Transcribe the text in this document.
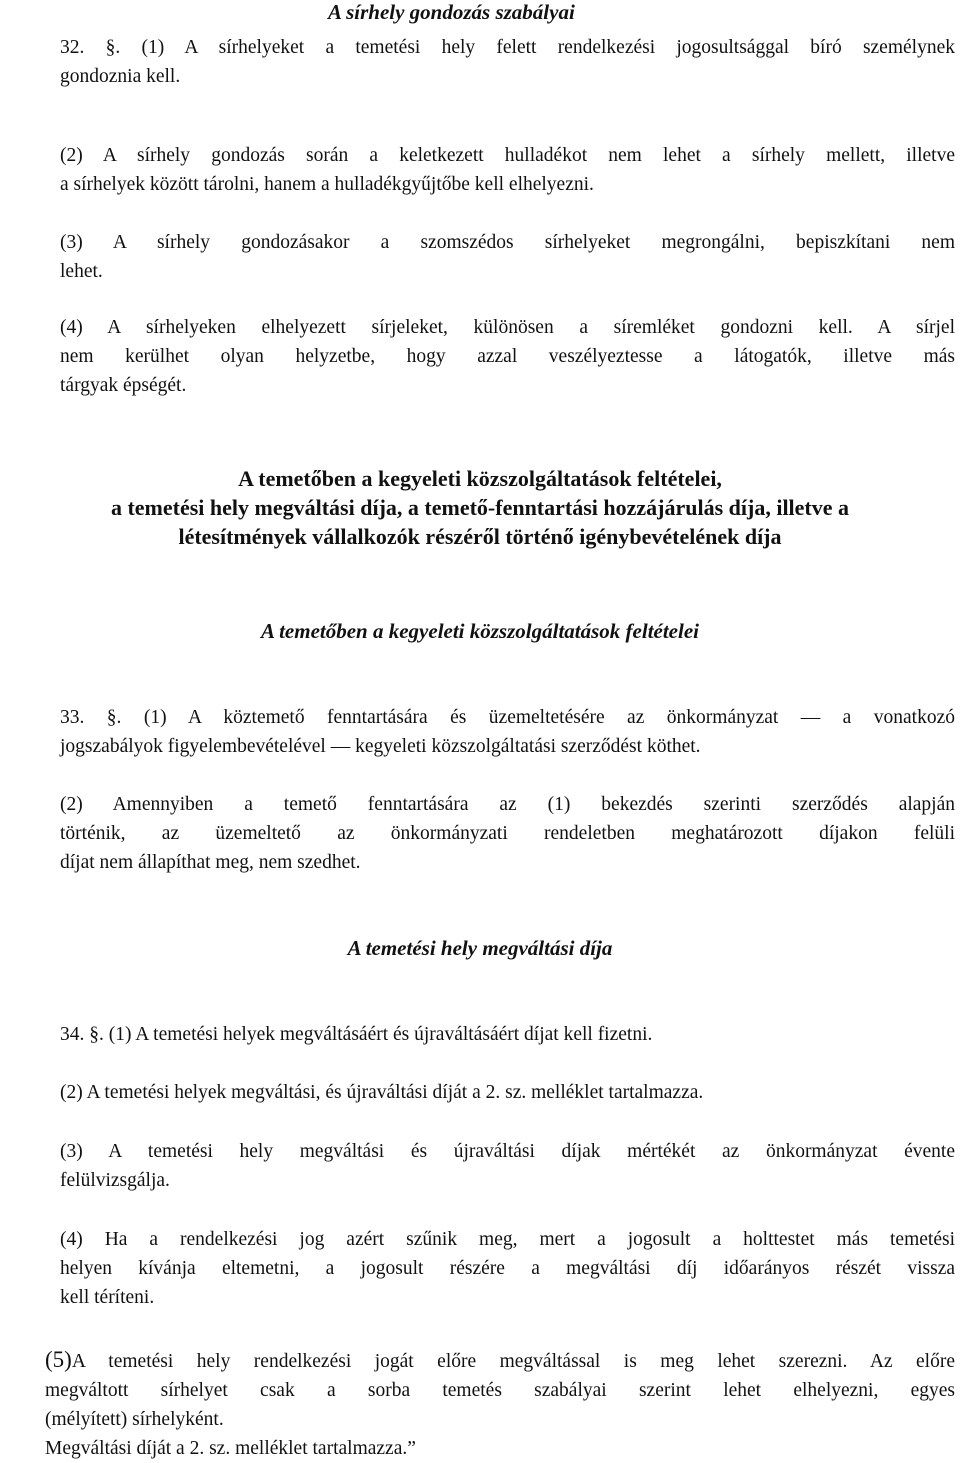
A sírhely gondozás szabályai
32. §. (1) A sírhelyeket a temetési hely felett rendelkezési jogosultsággal bíró személynek
gondoznia kell.
(2) A sírhely gondozás során a keletkezett hulladékot nem lehet a sírhely mellett, illetve
a sírhelyek között tárolni, hanem a hulladékgyűjtőbe kell elhelyezni.
(3) A sírhely gondozásakor a szomszédos sírhelyeket megrongálni, bepiszkítani nem
lehet.
(4) A sírhelyeken elhelyezett sírjeleket, különösen a síremléket gondozni kell. A sírjel
nem kerülhet olyan helyzetbe, hogy azzal veszélyeztesse a látogatók, illetve más
tárgyak épségét.
A temetőben a kegyeleti közszolgáltatások feltételei,
a temetési hely megváltási díja, a temető-fenntartási hozzájárulás díja, illetve a
létesítmények vállalkozók részéről történő igénybevételének díja
A temetőben a kegyeleti közszolgáltatások feltételei
33. §. (1) A köztemető fenntartására és üzemeltetésére az önkormányzat — a vonatkozó
jogszabályok figyelembevételével — kegyeleti közszolgáltatási szerződést köthet.
(2) Amennyiben a temető fenntartására az (1) bekezdés szerinti szerződés alapján
történik, az üzemeltető az önkormányzati rendeletben meghatározott díjakon felüli
díjat nem állapíthat meg, nem szedhet.
A temetési hely megváltási díja
34. §. (1) A temetési helyek megváltásáért és újraváltásáért díjat kell fizetni.
(2) A temetési helyek megváltási, és újraváltási díját a 2. sz. melléklet tartalmazza.
(3) A temetési hely megváltási és újraváltási díjak mértékét az önkormányzat évente
felülvizsgálja.
(4) Ha a rendelkezési jog azért szűnik meg, mert a jogosult a holttestet más temetési
helyen kívánja eltemetni, a jogosult részére a megváltási díj időarányos részét vissza
kell téríteni.
(5)A temetési hely rendelkezési jogát előre megváltással is meg lehet szerezni. Az előre
megváltott sírhelyet csak a sorba temetés szabályai szerint lehet elhelyezni, egyes
(mélyített) sírhelyként.
Megváltási díját a 2. sz. melléklet tartalmazza.”
